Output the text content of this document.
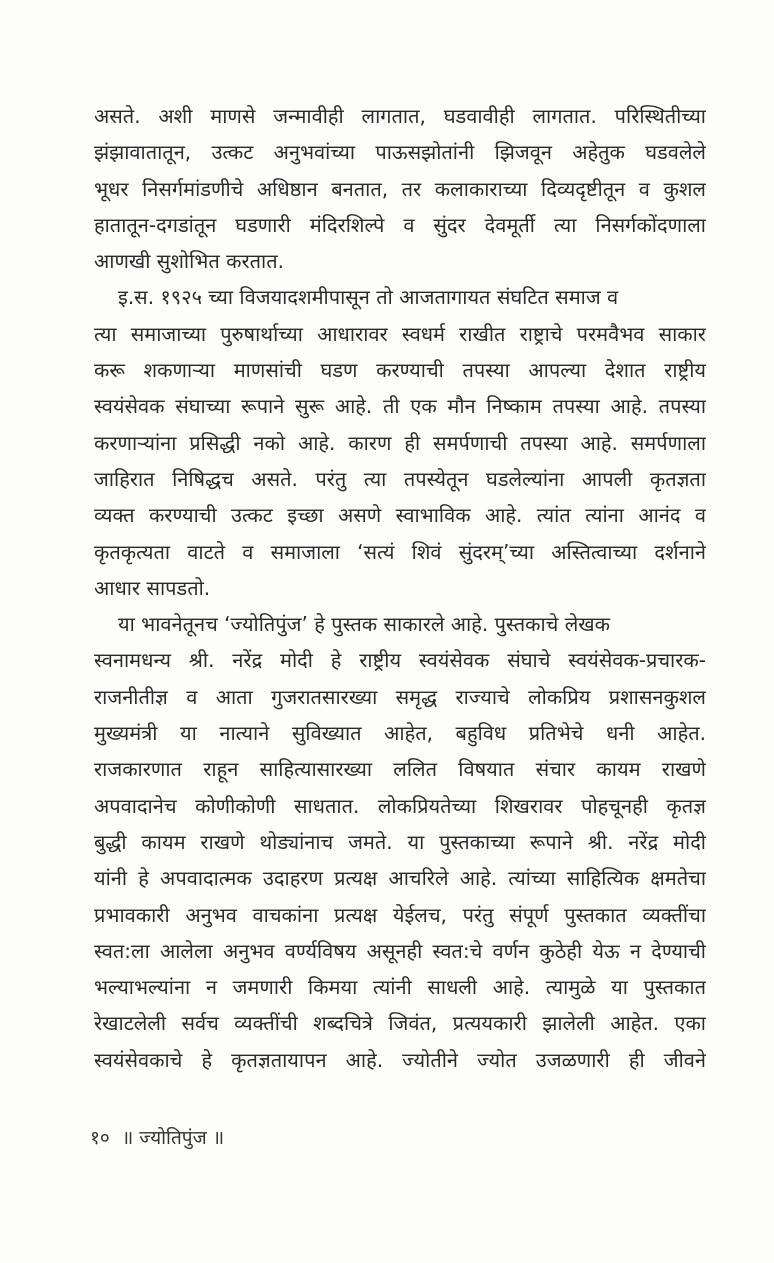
असते. अशी माणसे जन्मावीही लागतात, घडवावीही लागतात. परिस्थितीच्या
झंझावातातून, उत्कट अनुभवांच्या पाऊसझोतांनी झिजवून अहेतुक घडवलेले
भूधर निसर्गमांडणीचे अधिष्ठान बनतात, तर कलाकाराच्या दिव्यदृष्टीतून व कुशल
हातातून-दगडांतून घडणारी मंदिरशिल्पे व सुंदर देवमूर्ती त्या निसर्गकोंदणाला
आणखी सुशोभित करतात.
इ.स. १९२५ च्या विजयादशमीपासून तो आजतागायत संघटित समाज व
त्या समाजाच्या पुरुषार्थाच्या आधारावर स्वधर्म राखीत राष्ट्राचे परमवैभव साकार
करू शकणाऱ्या माणसांची घडण करण्याची तपस्या आपल्या देशात राष्ट्रीय
स्वयंसेवक संघाच्या रूपाने सुरू आहे. ती एक मौन निष्काम तपस्या आहे. तपस्या
करणाऱ्यांना प्रसिद्धी नको आहे. कारण ही समर्पणाची तपस्या आहे. समर्पणाला
जाहिरात निषिद्धच असते. परंतु त्या तपस्येतून घडलेल्यांना आपली कृतज्ञता
व्यक्त करण्याची उत्कट इच्छा असणे स्वाभाविक आहे. त्यांत त्यांना आनंद व
कृतकृत्यता वाटते व समाजाला ‘सत्यं शिवं सुंदरम्’च्या अस्तित्वाच्या दर्शनाने
आधार सापडतो.
या भावनेतूनच ‘ज्योतिपुंज’ हे पुस्तक साकारले आहे. पुस्तकाचे लेखक
स्वनामधन्य श्री. नरेंद्र मोदी हे राष्ट्रीय स्वयंसेवक संघाचे स्वयंसेवक-प्रचारक-
राजनीतीज्ञ व आता गुजरातसारख्या समृद्ध राज्याचे लोकप्रिय प्रशासनकुशल
मुख्यमंत्री या नात्याने सुविख्यात आहेत, बहुविध प्रतिभेचे धनी आहेत.
राजकारणात राहून साहित्यासारख्या ललित विषयात संचार कायम राखणे
अपवादानेच कोणीकोणी साधतात. लोकप्रियतेच्या शिखरावर पोहचूनही कृतज्ञ
बुद्धी कायम राखणे थोड्यांनाच जमते. या पुस्तकाच्या रूपाने श्री. नरेंद्र मोदी
यांनी हे अपवादात्मक उदाहरण प्रत्यक्ष आचरिले आहे. त्यांच्या साहित्यिक क्षमतेचा
प्रभावकारी अनुभव वाचकांना प्रत्यक्ष येईलच, परंतु संपूर्ण पुस्तकात व्यक्तींचा
स्वत:ला आलेला अनुभव वर्ण्यविषय असूनही स्वत:चे वर्णन कुठेही येऊ न देण्याची
भल्याभल्यांना न जमणारी किमया त्यांनी साधली आहे. त्यामुळे या पुस्तकात
रेखाटलेली सर्वच व्यक्तींची शब्दचित्रे जिवंत, प्रत्ययकारी झालेली आहेत. एका
स्वयंसेवकाचे हे कृतज्ञतायापन आहे. ज्योतीने ज्योत उजळणारी ही जीवने
१० ॥ ज्योतिपुंज ॥
